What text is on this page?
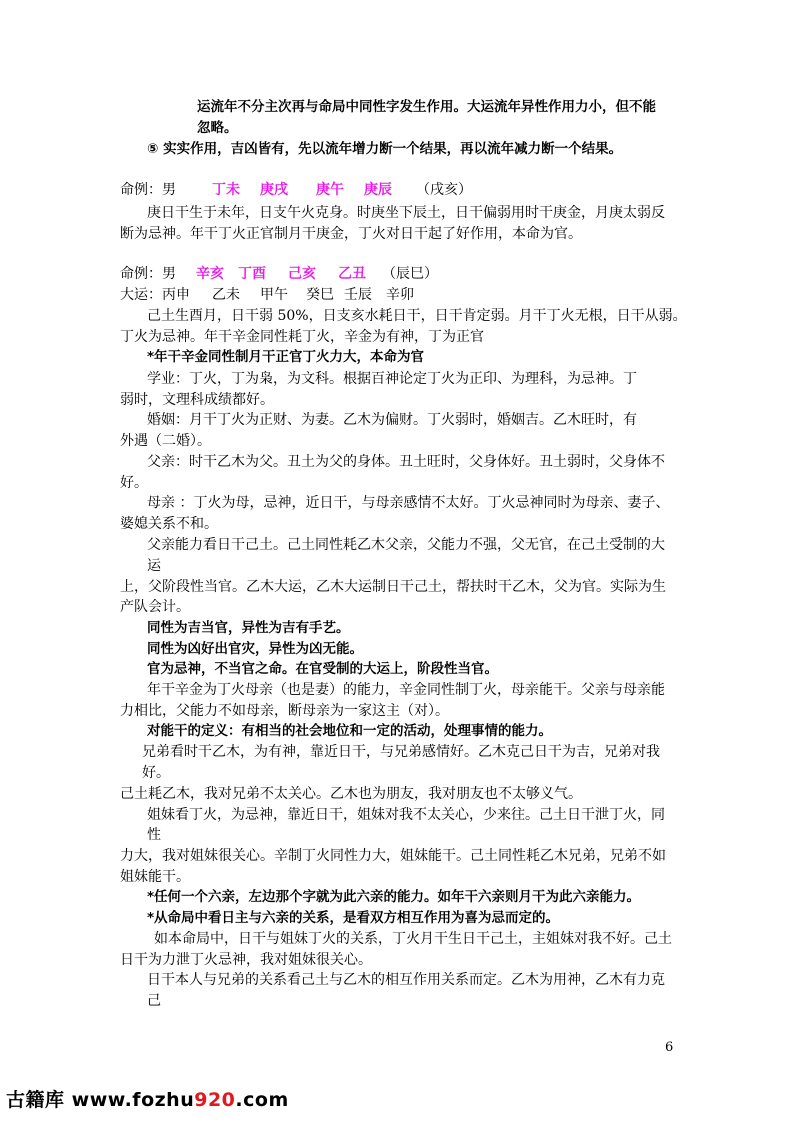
运流年不分主次再与命局中同性字发生作用。大运流年异性作用力小，但不能
忽略。
⑤ 实实作用，吉凶皆有，先以流年增力断一个结果，再以流年减力断一个结果。
命例：男	丁未 庚戌 庚午 庚辰 （戌亥）
庚日干生于未年，日支午火克身。时庚坐下辰土，日干偏弱用时干庚金，月庚太弱反
断为忌神。年干丁火正官制月干庚金，丁火对日干起了好作用，本命为官。
命例：男 辛亥 丁酉 己亥 乙丑 （辰巳）
大运： 丙申 乙未 甲午 癸巳 壬辰 辛卯
己土生酉月，日干弱 50%，日支亥水耗日干，日干肯定弱。月干丁火无根，日干从弱。
丁火为忌神。年干辛金同性耗丁火，辛金为有神，丁为正官
*年干辛金同性制月干正官丁火力大，本命为官
学业：丁火，丁为枭，为文科。根据百神论定丁火为正印、为理科，为忌神。丁
弱时，文理科成绩都好。
婚姻：月干丁火为正财、为妻。乙木为偏财。丁火弱时，婚姻吉。乙木旺时，有
外遇（二婚）。
父亲：时干乙木为父。丑土为父的身体。丑土旺时，父身体好。丑土弱时，父身体不
好。
母亲 ：丁火为母，忌神，近日干，与母亲感情不太好。丁火忌神同时为母亲、妻子、
婆媳关系不和。
父亲能力看日干己土。己土同性耗乙木父亲，父能力不强，父无官，在己土受制的大
运
上，父阶段性当官。乙木大运，乙木大运制日干己土，帮扶时干乙木，父为官。实际为生
产队会计。
同性为吉当官，异性为吉有手艺。
同性为凶好出官灾，异性为凶无能。
官为忌神，不当官之命。在官受制的大运上，阶段性当官。
年干辛金为丁火母亲（也是妻）的能力，辛金同性制丁火，母亲能干。父亲与母亲能
力相比，父能力不如母亲，断母亲为一家这主（对）。
对能干的定义：有相当的社会地位和一定的活动，处理事情的能力。
兄弟看时干乙木，为有神，靠近日干，与兄弟感情好。乙木克己日干为吉，兄弟对我
好。
己土耗乙木，我对兄弟不太关心。乙木也为朋友，我对朋友也不太够义气。
姐妹看丁火，为忌神，靠近日干，姐妹对我不太关心，少来往。己土日干泄丁火，同
性
力大，我对姐妹很关心。辛制丁火同性力大，姐妹能干。己土同性耗乙木兄弟，兄弟不如
姐妹能干。
*任何一个六亲，左边那个字就为此六亲的能力。如年干六亲则月干为此六亲能力。
*从命局中看日主与六亲的关系，是看双方相互作用为喜为忌而定的。
如本命局中，日干与姐妹丁火的关系，丁火月干生日干己土，主姐妹对我不好。己土
日干为力泄丁火忌神，我对姐妹很关心。
日干本人与兄弟的关系看己土与乙木的相互作用关系而定。乙木为用神，乙木有力克
己
6
古籍库 www.fozhu920.com
